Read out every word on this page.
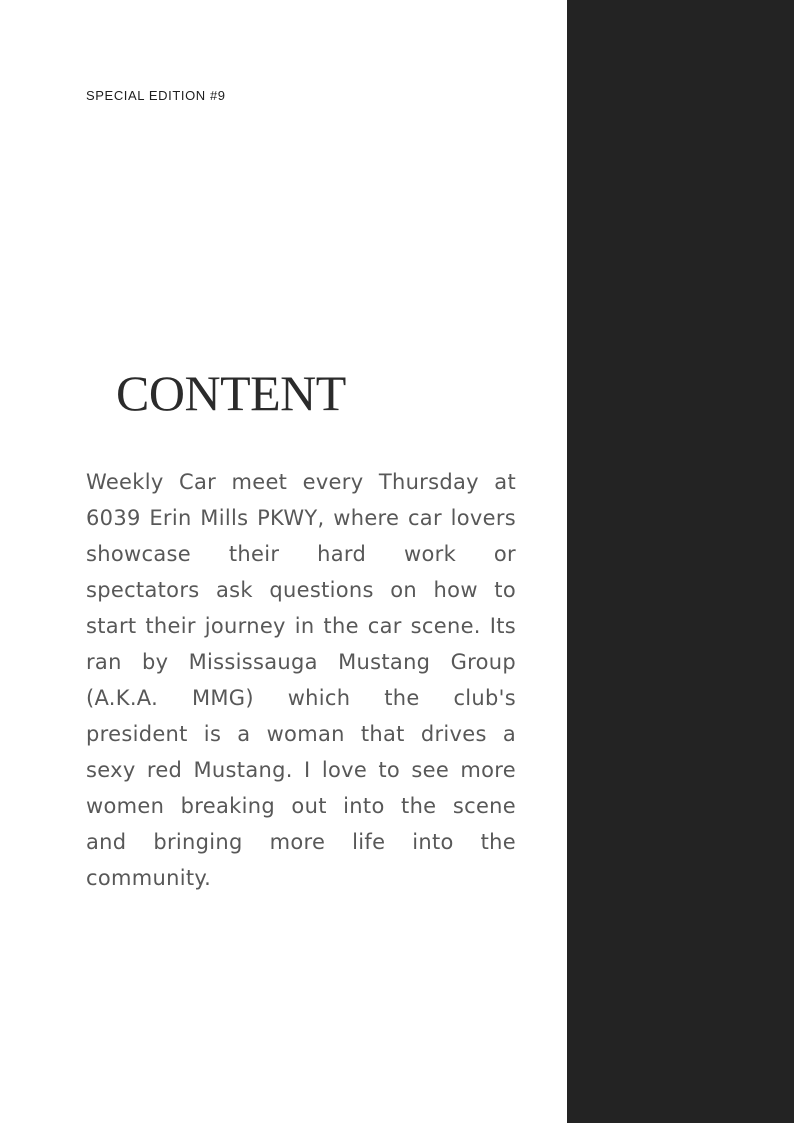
SPECIAL EDITION #9
CONTENT

Weekly Car meet every Thursday at 6039 Erin Mills PKWY, where car lovers showcase their hard work or spectators ask questions on how to start their journey in the car scene. Its ran by Mississauga Mustang Group (A.K.A. MMG) which the club's president is a woman that drives a sexy red Mustang. I love to see more women breaking out into the scene and bringing more life into the community.
